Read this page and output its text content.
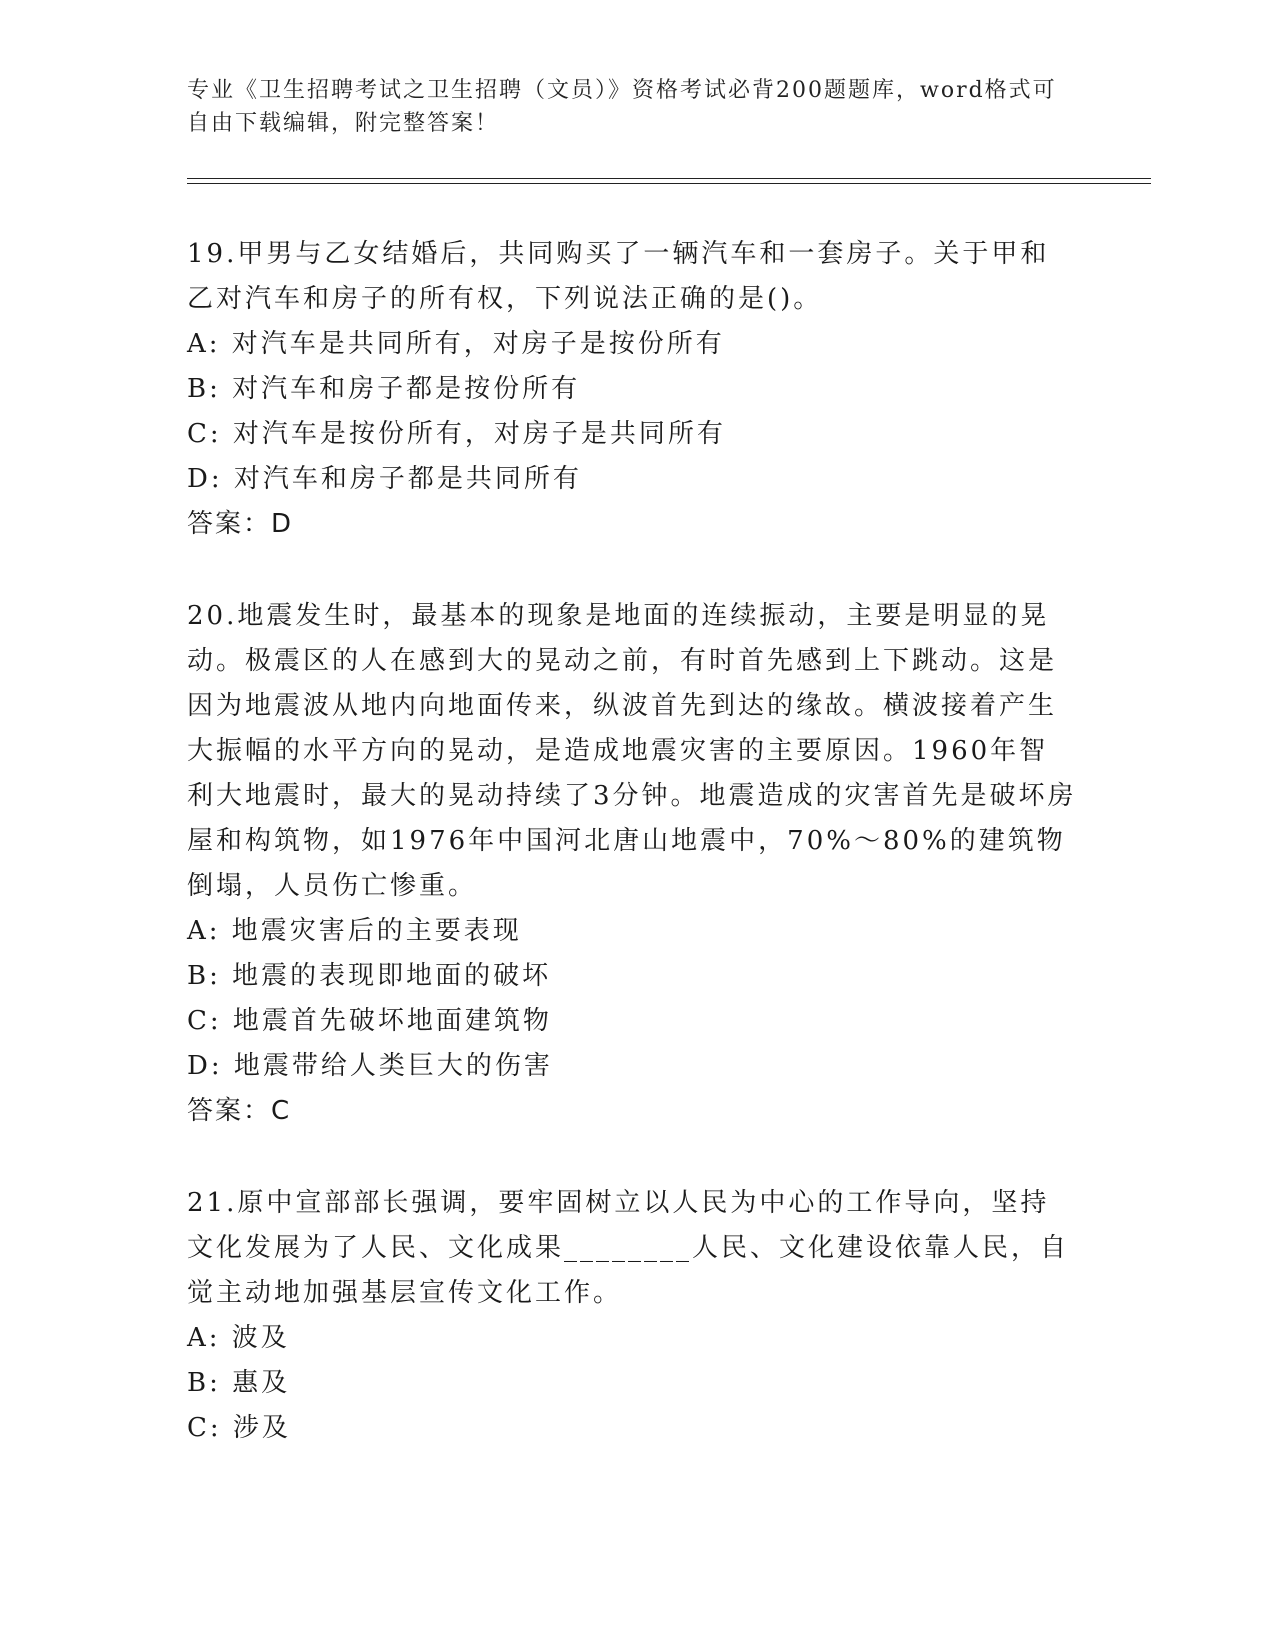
专业《卫生招聘考试之卫生招聘（文员）》资格考试必背200题题库，word格式可自由下载编辑，附完整答案！

19.甲男与乙女结婚后，共同购买了一辆汽车和一套房子。关于甲和乙对汽车和房子的所有权，下列说法正确的是()。

A: 对汽车是共同所有，对房子是按份所有

B: 对汽车和房子都是按份所有

C: 对汽车是按份所有，对房子是共同所有

D: 对汽车和房子都是共同所有

答案：D

20.地震发生时，最基本的现象是地面的连续振动，主要是明显的晃动。极震区的人在感到大的晃动之前，有时首先感到上下跳动。这是因为地震波从地内向地面传来，纵波首先到达的缘故。横波接着产生大振幅的水平方向的晃动，是造成地震灾害的主要原因。1960年智利大地震时，最大的晃动持续了3分钟。地震造成的灾害首先是破坏房屋和构筑物，如1976年中国河北唐山地震中，70%～80%的建筑物倒塌，人员伤亡惨重。

A: 地震灾害后的主要表现

B: 地震的表现即地面的破坏

C: 地震首先破坏地面建筑物

D: 地震带给人类巨大的伤害

答案：C

21.原中宣部部长强调，要牢固树立以人民为中心的工作导向，坚持文化发展为了人民、文化成果________人民、文化建设依靠人民，自觉主动地加强基层宣传文化工作。

A: 波及

B: 惠及

C: 涉及
